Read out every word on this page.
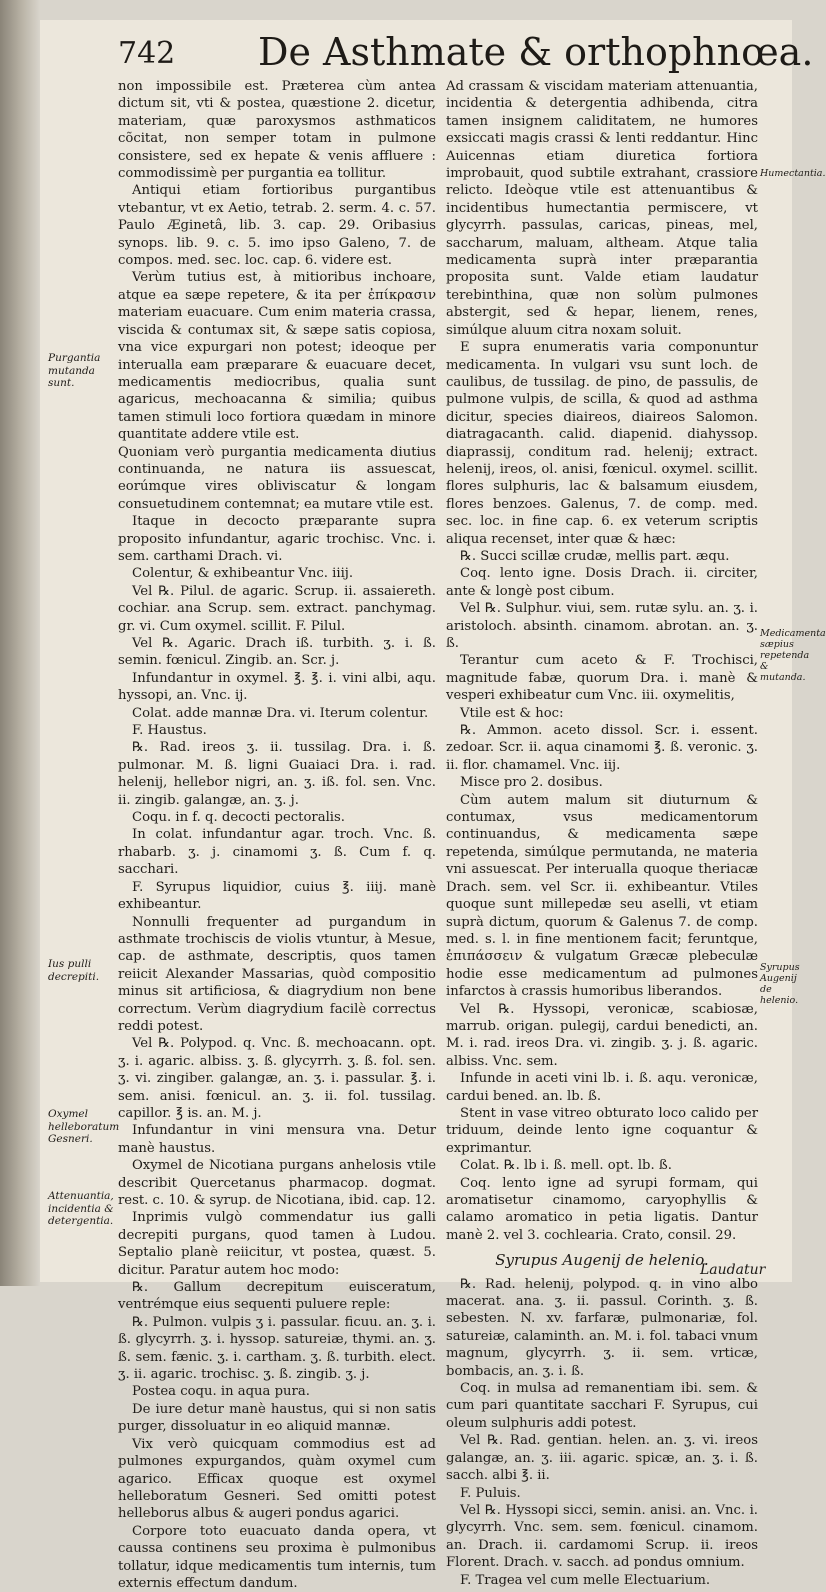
742 De Asthmate & orthophnœa.

non impossibile est. Præterea cùm antea dictum sit, vti & postea, quæstione 2. dicetur, materiam, quæ paroxysmos asthmaticos cõcitat, non semper totam in pulmone consistere, sed ex hepate & venis affluere : commodissimè per purgantia ea tollitur.

Antiqui etiam fortioribus purgantibus vtebantur, vt ex Aetio, tetrab. 2. serm. 4. c. 57. Paulo Æginetâ, lib. 3. cap. 29. Oribasius synops. lib. 9. c. 5. imo ipso Galeno, 7. de compos. med. sec. loc. cap. 6. videre est.

Verùm tutius est, à mitioribus inchoare, atque ea sæpe repetere, & ita per ἐπίκρασιν materiam euacuare. Cum enim materia crassa, viscida & contumax sit, & sæpe satis copiosa, vna vice expurgari non potest; ideoque per interualla eam præparare & euacuare decet, medicamentis mediocribus, qualia sunt agaricus, mechoacanna & similia; quibus tamen stimuli loco fortiora quædam in minore quantitate addere vtile est.

Quoniam verò purgantia medicamenta diutius continuanda, ne natura iis assuescat, eorúmque vires obliviscatur & longam consuetudinem contemnat; ea mutare vtile est.

Itaque in decocto præparante supra proposito infundantur, agaric trochisc. Vnc. i. sem. carthami Drach. vi.

Colentur, & exhibeantur Vnc. iiij.

Vel ℞. Pilul. de agaric. Scrup. ii. assaiereth. cochiar. ana Scrup. sem. extract. panchymag. gr. vi. Cum oxymel. scillit. F. Pilul.

Vel ℞. Agaric. Drach iß. turbith. ʒ. i. ß. semin. fœnicul. Zingib. an. Scr. j.

Infundantur in oxymel. ℥. ℥. i. vini albi, aqu. hyssopi, an. Vnc. ij.

Colat. adde mannæ Dra. vi. Iterum colentur.

F. Haustus.

℞. Rad. ireos ʒ. ii. tussilag. Dra. i. ß. pulmonar. M. ß. ligni Guaiaci Dra. i. rad. helenij, hellebor nigri, an. ʒ. iß. fol. sen. Vnc. ii. zingib. galangæ, an. ʒ. j.

Coqu. in f. q. decocti pectoralis.

In colat. infundantur agar. troch. Vnc. ß. rhabarb. ʒ. j. cinamomi ʒ. ß. Cum f. q. sacchari.

F. Syrupus liquidior, cuius ℥. iiij. manè exhibeantur.

Nonnulli frequenter ad purgandum in asthmate trochiscis de violis vtuntur, à Mesue, cap. de asthmate, descriptis, quos tamen reiicit Alexander Massarias, quòd compositio minus sit artificiosa, & diagrydium non bene correctum. Verùm diagrydium facilè correctus reddi potest.

Vel ℞. Polypod. q. Vnc. ß. mechoacann. opt. ʒ. i. agaric. albiss. ʒ. ß. glycyrrh. ʒ. ß. fol. sen. ʒ. vi. zingiber. galangæ, an. ʒ. i. passular. ℥. i. sem. anisi. fœnicul. an. ʒ. ii. fol. tussilag. capillor. ℥ is. an. M. j.

Infundantur in vini mensura vna. Detur manè haustus.

Oxymel de Nicotiana purgans anhelosis vtile describit Quercetanus pharmacop. dogmat. rest. c. 10. & syrup. de Nicotiana, ibid. cap. 12.

Inprimis vulgò commendatur ius galli decrepiti purgans, quod tamen à Ludou. Septalio planè reiicitur, vt postea, quæst. 5. dicitur. Paratur autem hoc modo:

℞. Gallum decrepitum euisceratum, ventrémque eius sequenti puluere reple:

℞. Pulmon. vulpis ʒ i. passular. ficuu. an. ʒ. i. ß. glycyrrh. ʒ. i. hyssop. satureiæ, thymi. an. ʒ. ß. sem. fænic. ʒ. i. cartham. ʒ. ß. turbith. elect. ʒ. ii. agaric. trochisc. ʒ. ß. zingib. ʒ. j.

Postea coqu. in aqua pura.

De iure detur manè haustus, qui si non satis purger, dissoluatur in eo aliquid mannæ.

Vix verò quicquam commodius est ad pulmones expurgandos, quàm oxymel cum agarico. Efficax quoque est oxymel helleboratum Gesneri. Sed omitti potest helleborus albus & augeri pondus agarici.

Corpore toto euacuato danda opera, vt caussa continens seu proxima è pulmonibus tollatur, idque medicamentis tum internis, tum externis effectum dandum.

Ad crassam & viscidam materiam attenuantia, incidentia & detergentia adhibenda, citra tamen insignem caliditatem, ne humores exsiccati magis crassi & lenti reddantur. Hinc Auicennas etiam diuretica fortiora improbauit, quod subtile extrahant, crassiore relicto. Ideòque vtile est attenuantibus & incidentibus humectantia permiscere, vt glycyrrh. passulas, caricas, pineas, mel, saccharum, maluam, altheam. Atque talia medicamenta suprà inter præparantia proposita sunt. Valde etiam laudatur terebinthina, quæ non solùm pulmones abstergit, sed & hepar, lienem, renes, simúlque aluum citra noxam soluit.

E supra enumeratis varia componuntur medicamenta. In vulgari vsu sunt loch. de caulibus, de tussilag. de pino, de passulis, de pulmone vulpis, de scilla, & quod ad asthma dicitur, species diaireos, diaireos Salomon. diatragacanth. calid. diapenid. diahyssop. diaprassij, conditum rad. helenij; extract. helenij, ireos, ol. anisi, fœnicul. oxymel. scillit. flores sulphuris, lac & balsamum eiusdem, flores benzoes. Galenus, 7. de comp. med. sec. loc. in fine cap. 6. ex veterum scriptis aliqua recenset, inter quæ & hæc:

℞. Succi scillæ crudæ, mellis part. æqu.

Coq. lento igne. Dosis Drach. ii. circiter, ante & longè post cibum.

Vel ℞. Sulphur. viui, sem. rutæ sylu. an. ʒ. i. aristoloch. absinth. cinamom. abrotan. an. ʒ. ß.

Terantur cum aceto & F. Trochisci, magnitude fabæ, quorum Dra. i. manè & vesperi exhibeatur cum Vnc. iii. oxymelitis,

Vtile est & hoc:

℞. Ammon. aceto dissol. Scr. i. essent. zedoar. Scr. ii. aqua cinamomi ℥. ß. veronic. ʒ. ii. flor. chamamel. Vnc. iij.

Misce pro 2. dosibus.

Cùm autem malum sit diuturnum & contumax, vsus medicamentorum continuandus, & medicamenta sæpe repetenda, simúlque permutanda, ne materia vni assuescat. Per interualla quoque theriacæ Drach. sem. vel Scr. ii. exhibeantur. Vtiles quoque sunt millepedæ seu aselli, vt etiam suprà dictum, quorum & Galenus 7. de comp. med. s. l. in fine mentionem facit; feruntque, ἐπιπάσσειν & vulgatum Græcæ plebeculæ hodie esse medicamentum ad pulmones infarctos à crassis humoribus liberandos.

Vel ℞. Hyssopi, veronicæ, scabiosæ, marrub. origan. pulegij, cardui benedicti, an. M. i. rad. ireos Dra. vi. zingib. ʒ. j. ß. agaric. albiss. Vnc. sem.

Infunde in aceti vini lb. i. ß. aqu. veronicæ, cardui bened. an. lb. ß.

Stent in vase vitreo obturato loco calido per triduum, deinde lento igne coquantur & exprimantur.

Colat. ℞. lb i. ß. mell. opt. lb. ß.

Coq. lento igne ad syrupi formam, qui aromatisetur cinamomo, caryophyllis & calamo aromatico in petia ligatis. Dantur manè 2. vel 3. cochlearia. Crato, consil. 29.

Syrupus Augenij de helenio.

℞. Rad. helenij, polypod. q. in vino albo macerat. ana. ʒ. ii. passul. Corinth. ʒ. ß. sebesten. N. xv. farfaræ, pulmonariæ, fol. satureiæ, calaminth. an. M. i. fol. tabaci vnum magnum, glycyrrh. ʒ. ii. sem. vrticæ, bombacis, an. ʒ. i. ß.

Coq. in mulsa ad remanentiam ibi. sem. & cum pari quantitate sacchari F. Syrupus, cui oleum sulphuris addi potest.

Vel ℞. Rad. gentian. helen. an. ʒ. vi. ireos galangæ, an. ʒ. iii. agaric. spicæ, an. ʒ. i. ß. sacch. albi ℥. ii.

F. Puluis.

Vel ℞. Hyssopi sicci, semin. anisi. an. Vnc. i. glycyrrh. Vnc. sem. sem. fœnicul. cinamom. an. Drach. ii. cardamomi Scrup. ii. ireos Florent. Drach. v. sacch. ad pondus omnium.

F. Tragea vel cum melle Electuarium.

Purgantia mutanda sunt.
Ius pulli decrepiti.
Oxymel helleboratum Gesneri.
Attenuantia, incidentia & detergentia.
Humectantia.
Medicamenta sæpius repetenda & mutanda.
Syrupus Augenij de helenio.
Laudatur
